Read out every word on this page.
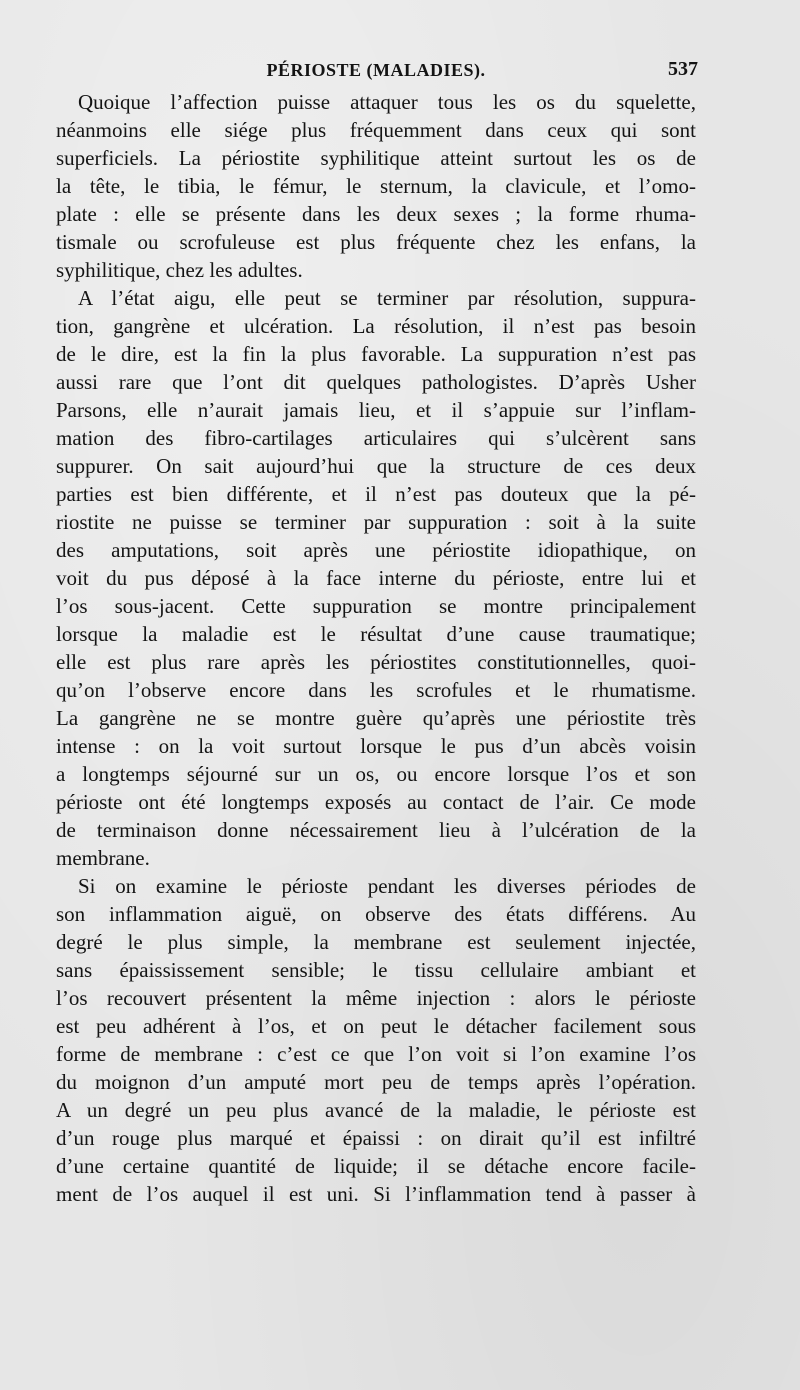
PÉRIOSTE (MALADIES).	537
Quoique l’affection puisse attaquer tous les os du squelette,
néanmoins elle siége plus fréquemment dans ceux qui sont
superficiels. La périostite syphilitique atteint surtout les os de
la tête, le tibia, le fémur, le sternum, la clavicule, et l’omo-
plate : elle se présente dans les deux sexes ; la forme rhuma-
tismale ou scrofuleuse est plus fréquente chez les enfans, la
syphilitique, chez les adultes.
A l’état aigu, elle peut se terminer par résolution, suppura-
tion, gangrène et ulcération. La résolution, il n’est pas besoin
de le dire, est la fin la plus favorable. La suppuration n’est pas
aussi rare que l’ont dit quelques pathologistes. D’après Usher
Parsons, elle n’aurait jamais lieu, et il s’appuie sur l’inflam-
mation des fibro-cartilages articulaires qui s’ulcèrent sans
suppurer. On sait aujourd’hui que la structure de ces deux
parties est bien différente, et il n’est pas douteux que la pé-
riostite ne puisse se terminer par suppuration : soit à la suite
des amputations, soit après une périostite idiopathique, on
voit du pus déposé à la face interne du périoste, entre lui et
l’os sous-jacent. Cette suppuration se montre principalement
lorsque la maladie est le résultat d’une cause traumatique;
elle est plus rare après les périostites constitutionnelles, quoi-
qu’on l’observe encore dans les scrofules et le rhumatisme.
La gangrène ne se montre guère qu’après une périostite très
intense : on la voit surtout lorsque le pus d’un abcès voisin
a longtemps séjourné sur un os, ou encore lorsque l’os et son
périoste ont été longtemps exposés au contact de l’air. Ce mode
de terminaison donne nécessairement lieu à l’ulcération de la
membrane.
Si on examine le périoste pendant les diverses périodes de
son inflammation aiguë, on observe des états différens. Au
degré le plus simple, la membrane est seulement injectée,
sans épaississement sensible; le tissu cellulaire ambiant et
l’os recouvert présentent la même injection : alors le périoste
est peu adhérent à l’os, et on peut le détacher facilement sous
forme de membrane : c’est ce que l’on voit si l’on examine l’os
du moignon d’un amputé mort peu de temps après l’opération.
A un degré un peu plus avancé de la maladie, le périoste est
d’un rouge plus marqué et épaissi : on dirait qu’il est infiltré
d’une certaine quantité de liquide; il se détache encore facile-
ment de l’os auquel il est uni. Si l’inflammation tend à passer à
